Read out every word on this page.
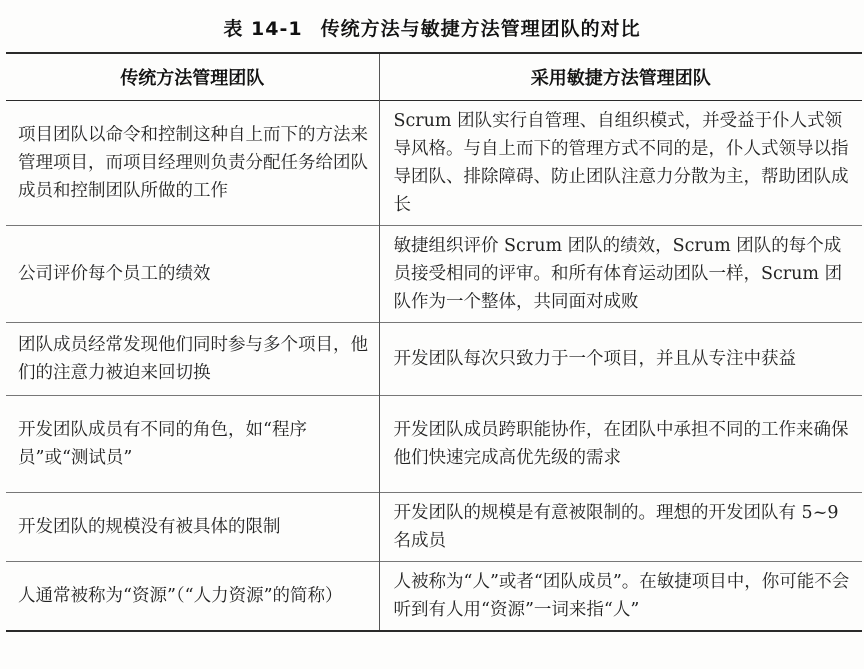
表 14-1 传统方法与敏捷方法管理团队的对比
传统方法管理团队	采用敏捷方法管理团队
项目团队以命令和控制这种自上而下的方法来管理项目，而项目经理则负责分配任务给团队成员和控制团队所做的工作	Scrum 团队实行自管理、自组织模式，并受益于仆人式领导风格。与自上而下的管理方式不同的是，仆人式领导以指导团队、排除障碍、防止团队注意力分散为主，帮助团队成长
公司评价每个员工的绩效	敏捷组织评价 Scrum 团队的绩效，Scrum 团队的每个成员接受相同的评审。和所有体育运动团队一样，Scrum 团队作为一个整体，共同面对成败
团队成员经常发现他们同时参与多个项目，他们的注意力被迫来回切换	开发团队每次只致力于一个项目，并且从专注中获益
开发团队成员有不同的角色，如“程序员”或“测试员”	开发团队成员跨职能协作，在团队中承担不同的工作来确保他们快速完成高优先级的需求
开发团队的规模没有被具体的限制	开发团队的规模是有意被限制的。理想的开发团队有 5~9 名成员
人通常被称为“资源”（“人力资源”的简称）	人被称为“人”或者“团队成员”。在敏捷项目中，你可能不会听到有人用“资源”一词来指“人”
